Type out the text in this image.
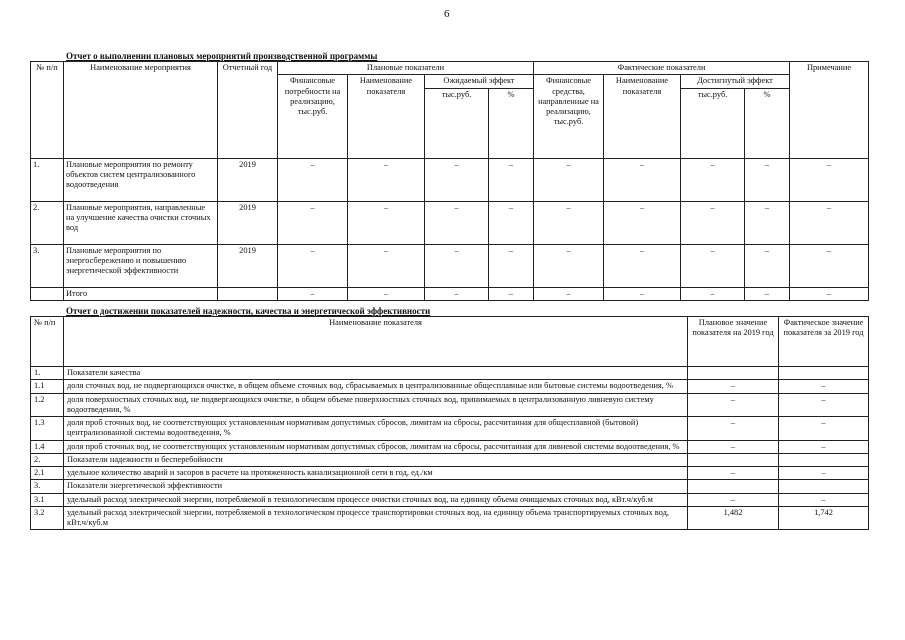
6
Отчет о выполнении плановых мероприятий производственной программы
№ п/п	Наименование мероприятия	Отчетный год	Плановые показатели				Фактические показатели				Примечание
			Финансовые потребности на реализацию, тыс.руб.	Наименование показателя	Ожидаемый эффект		Финансовые средства, направленные на реализацию, тыс.руб.	Наименование показателя	Достигнутый эффект		
					тыс.руб.	%			тыс.руб.	%	
1.	Плановые мероприятия по ремонту объектов систем централизованного водоотведения	2019	–	–	–	–	–	–	–	–	–
2.	Плановые мероприятия, направленные на улучшение качества очистки сточных вод	2019	–	–	–	–	–	–	–	–	–
3.	Плановые мероприятия по энергосбережению и повышению энергетической эффективности	2019	–	–	–	–	–	–	–	–	–
	Итого		–	–	–	–	–	–	–	–	–
Отчет о достижении показателей надежности, качества и энергетической эффективности
№ п/п	Наименование показателя	Плановое значение показателя на 2019 год	Фактическое значение показателя за 2019 год
1.	Показатели качества		
1.1	доля сточных вод, не подвергающихся очистке, в общем объеме сточных вод, сбрасываемых в централизованные общесплавные или бытовые системы водоотведения, %	–	–
1.2	доля поверхностных сточных вод, не подвергающихся очистке, в общем объеме поверхностных сточных вод, принимаемых в централизованную ливневую систему водоотведения, %	–	–
1.3	доля проб сточных вод, не соответствующих установленным нормативам допустимых сбросов, лимитам на сбросы, рассчитанная для общесплавной (бытовой) централизованной системы водоотведения, %	–	–
1.4	доля проб сточных вод, не соответствующих установленным нормативам допустимых сбросов, лимитам на сбросы, рассчитанная для ливневой системы водоотведения, %	–	–
2.	Показатели надежности и бесперебойности		
2.1	удельное количество аварий и засоров в расчете на протяженность канализационной сети в год, ед./км	–	–
3.	Показатели энергетической эффективности		
3.1	удельный расход электрической энергии, потребляемой в технологическом процессе очистки сточных вод, на единицу объема очищаемых сточных вод, кВт.ч/куб.м	–	–
3.2	удельный расход электрической энергии, потребляемой в технологическом процессе транспортировки сточных вод, на единицу объема транспортируемых сточных вод, кВт.ч/куб.м	1,482	1,742
